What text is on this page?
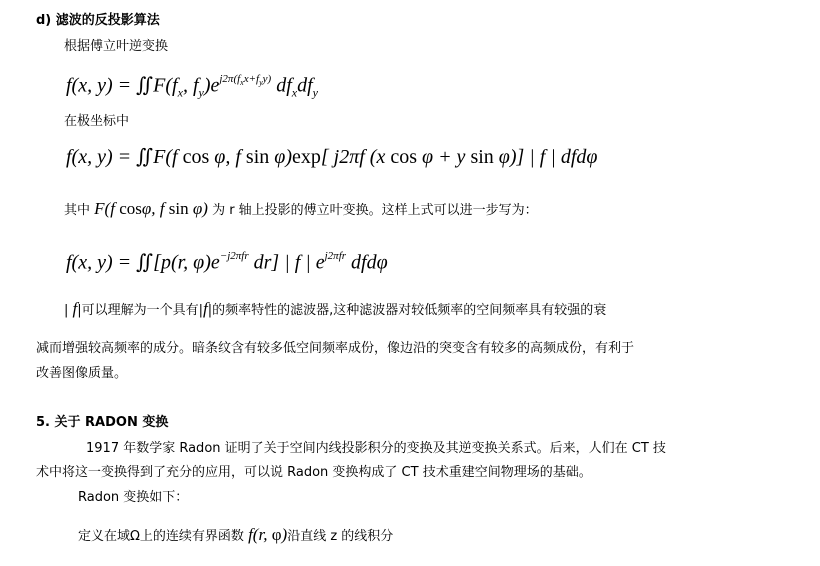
d) 滤波的反投影算法
根据傅立叶逆变换
f(x, $y) = ∬F(f_x$, $f_y)e^{j2\pi(f_xx+f_yy)}$ $df_xdf_y$
在极坐标中
f(x, y) = ∬F(f cos φ, f sin φ)exp[ j2πf (x cos φ + y sin φ)] | f | dfdφ
其中 F(f cosφ, f sin φ) 为 r 轴上投影的傅立叶变换。这样上式可以进一步写为：
f(x, y) = ∬[p(r, $\varphi)e^{-j2\pi fr}$ dr] | f | $e^{j2\pi fr}$ dfdφ
| f|可以理解为一个具有|f|的频率特性的滤波器,这种滤波器对较低频率的空间频率具有较强的衰
减而增强较高频率的成分。暗条纹含有较多低空间频率成份，像边沿的突变含有较多的高频成份，有利于
改善图像质量。
5. 关于 RADON 变换
1917 年数学家 Radon 证明了关于空间内线投影积分的变换及其逆变换关系式。后来，人们在 CT 技
术中将这一变换得到了充分的应用，可以说 Radon 变换构成了 CT 技术重建空间物理场的基础。
Radon 变换如下：
定义在域Ω上的连续有界函数 f(r, φ)沿直线 z 的线积分
